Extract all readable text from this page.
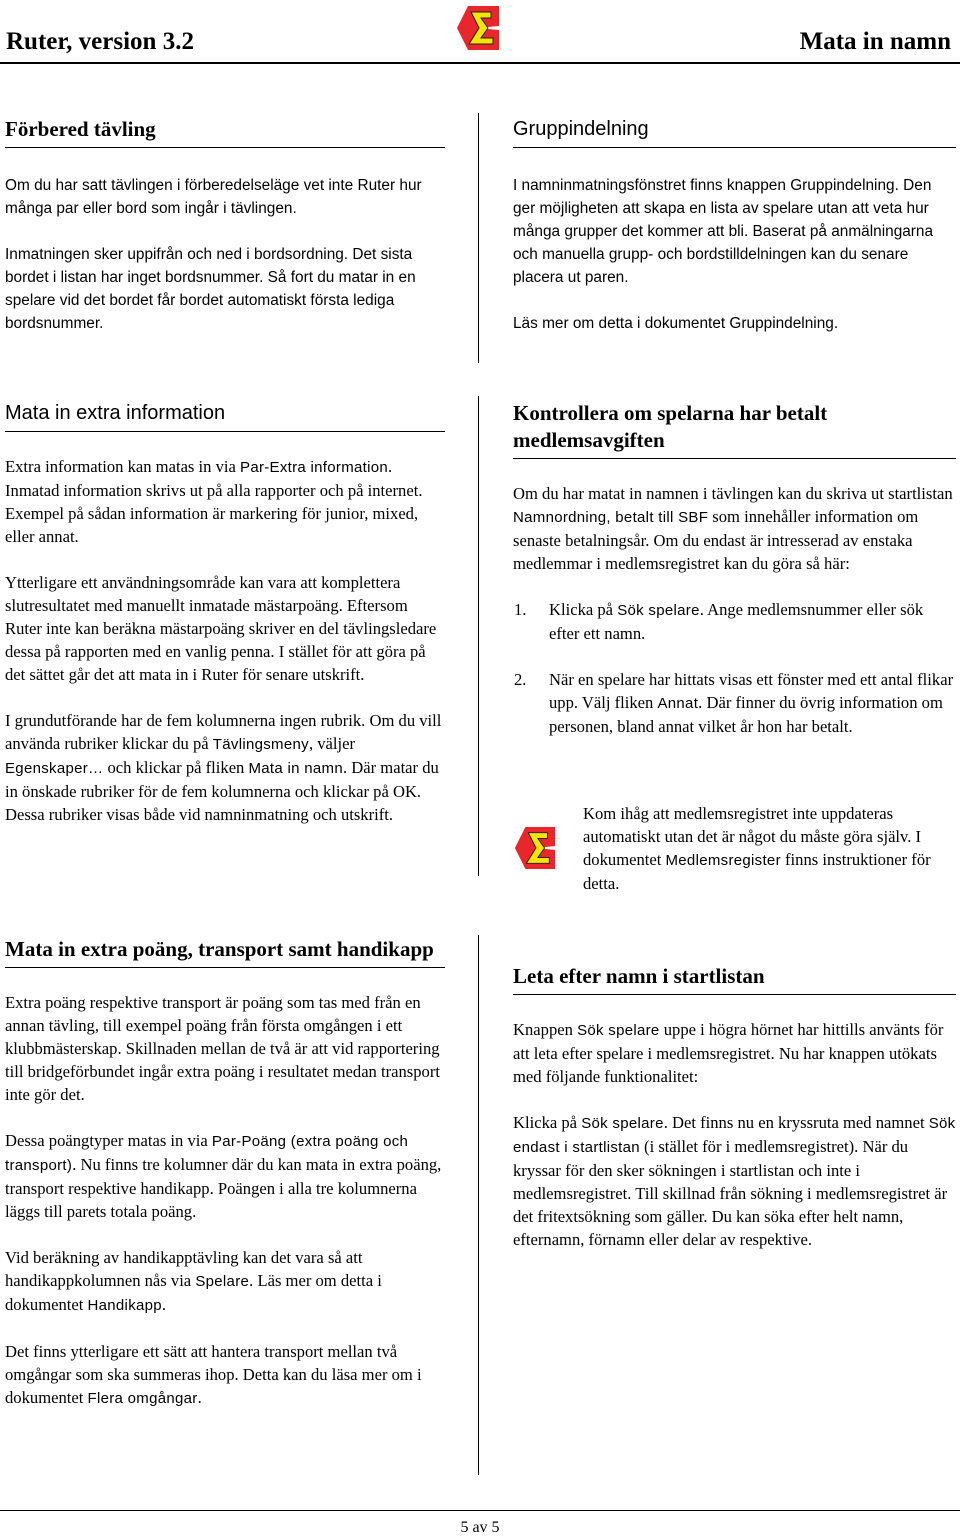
Ruter, version 3.2	Mata in namn
Förbered tävling

Om du har satt tävlingen i förberedelseläge vet inte Ruter hur många par eller bord som ingår i tävlingen.

Inmatningen sker uppifrån och ned i bordsordning. Det sista bordet i listan har inget bordsnummer. Så fort du matar in en spelare vid det bordet får bordet automatiskt första lediga bordsnummer.

Gruppindelning

I namninmatningsfönstret finns knappen Gruppindelning. Den ger möjligheten att skapa en lista av spelare utan att veta hur många grupper det kommer att bli. Baserat på anmälningarna och manuella grupp- och bordstilldelningen kan du senare placera ut paren.

Läs mer om detta i dokumentet Gruppindelning.

Mata in extra information

Extra information kan matas in via Par-Extra information. Inmatad information skrivs ut på alla rapporter och på internet. Exempel på sådan information är markering för junior, mixed, eller annat.

Ytterligare ett användningsområde kan vara att komplettera slutresultatet med manuellt inmatade mästarpoäng. Eftersom Ruter inte kan beräkna mästarpoäng skriver en del tävlingsledare dessa på rapporten med en vanlig penna. I stället för att göra på det sättet går det att mata in i Ruter för senare utskrift.

I grundutförande har de fem kolumnerna ingen rubrik. Om du vill använda rubriker klickar du på Tävlingsmeny, väljer Egenskaper… och klickar på fliken Mata in namn. Där matar du in önskade rubriker för de fem kolumnerna och klickar på OK. Dessa rubriker visas både vid namninmatning och utskrift.

Kontrollera om spelarna har betalt medlemsavgiften

Om du har matat in namnen i tävlingen kan du skriva ut startlistan Namnordning, betalt till SBF som innehåller information om senaste betalningsår. Om du endast är intresserad av enstaka medlemmar i medlemsregistret kan du göra så här:

1. Klicka på Sök spelare. Ange medlemsnummer eller sök efter ett namn.
2. När en spelare har hittats visas ett fönster med ett antal flikar upp. Välj fliken Annat. Där finner du övrig information om personen, bland annat vilket år hon har betalt.

Kom ihåg att medlemsregistret inte uppdateras automatiskt utan det är något du måste göra själv. I dokumentet Medlemsregister finns instruktioner för detta.

Mata in extra poäng, transport samt handikapp

Extra poäng respektive transport är poäng som tas med från en annan tävling, till exempel poäng från första omgången i ett klubbmästerskap. Skillnaden mellan de två är att vid rapportering till bridgeförbundet ingår extra poäng i resultatet medan transport inte gör det.

Dessa poängtyper matas in via Par-Poäng (extra poäng och transport). Nu finns tre kolumner där du kan mata in extra poäng, transport respektive handikapp. Poängen i alla tre kolumnerna läggs till parets totala poäng.

Vid beräkning av handikapptävling kan det vara så att handikappkolumnen nås via Spelare. Läs mer om detta i dokumentet Handikapp.

Det finns ytterligare ett sätt att hantera transport mellan två omgångar som ska summeras ihop. Detta kan du läsa mer om i dokumentet Flera omgångar.

Leta efter namn i startlistan

Knappen Sök spelare uppe i högra hörnet har hittills använts för att leta efter spelare i medlemsregistret. Nu har knappen utökats med följande funktionalitet:

Klicka på Sök spelare. Det finns nu en kryssruta med namnet Sök endast i startlistan (i stället för i medlemsregistret). När du kryssar för den sker sökningen i startlistan och inte i medlemsregistret. Till skillnad från sökning i medlemsregistret är det fritextsökning som gäller. Du kan söka efter helt namn, efternamn, förnamn eller delar av respektive.

5 av 5
